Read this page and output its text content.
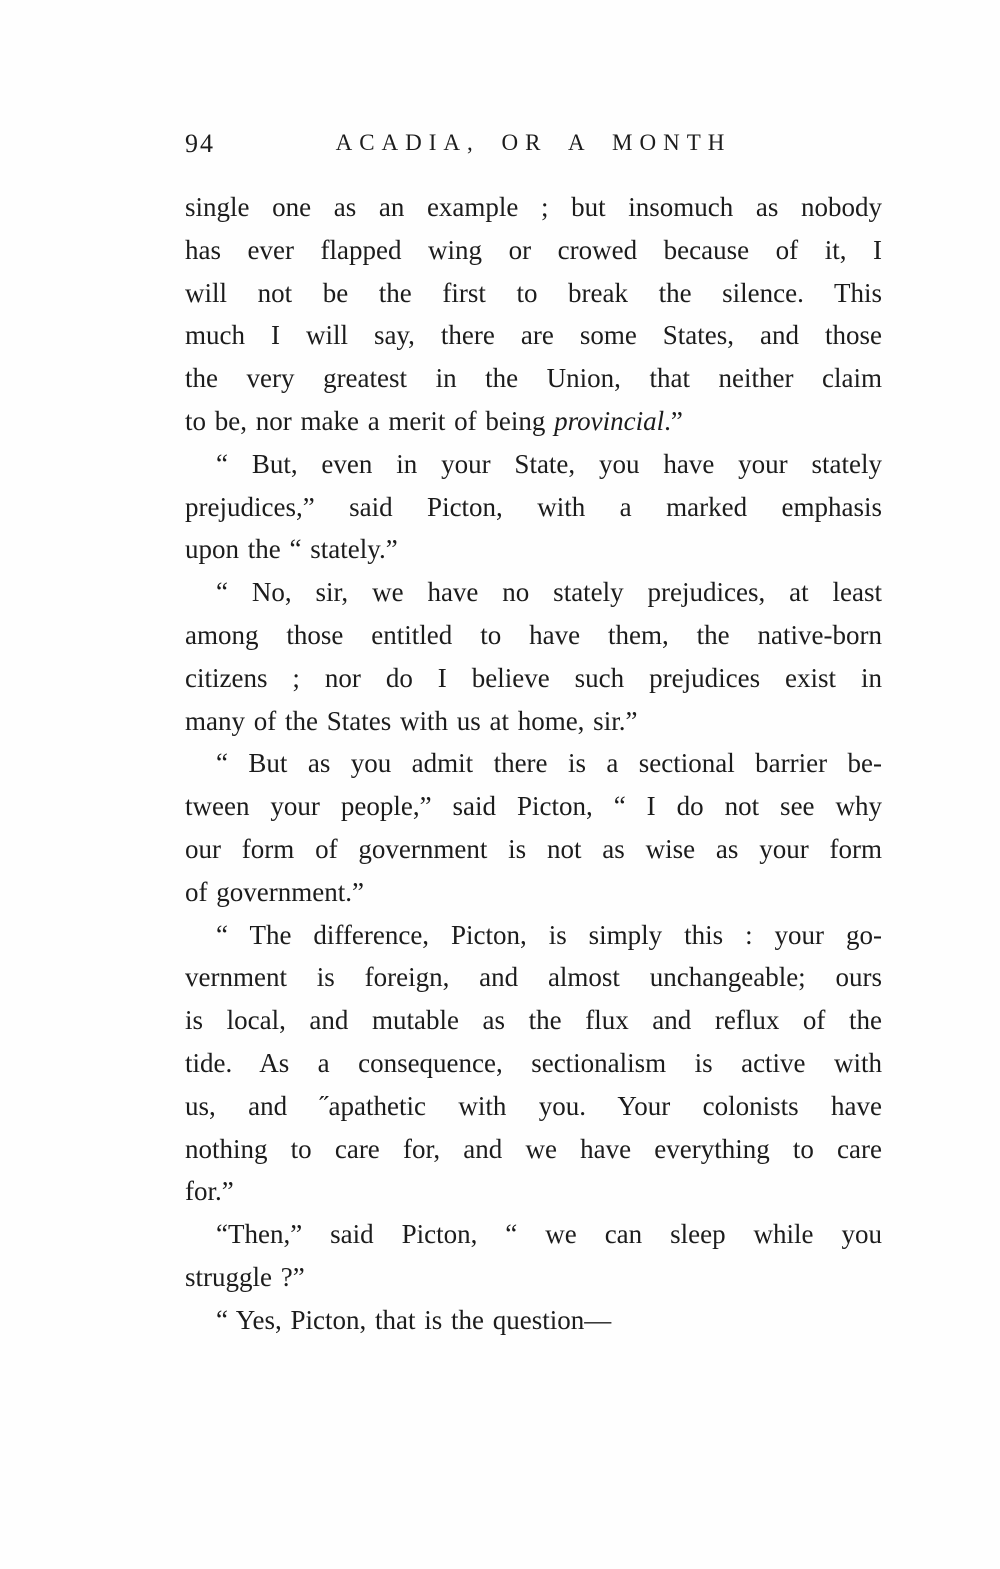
94	ACADIA, OR A MONTH
single one as an example ; but insomuch as nobody
has ever flapped wing or crowed because of it, I
will not be the first to break the silence. This
much I will say, there are some States, and those
the very greatest in the Union, that neither claim
to be, nor make a merit of being provincial.”
“ But, even in your State, you have your stately
prejudices,” said Picton, with a marked emphasis
upon the “ stately.”
“ No, sir, we have no stately prejudices, at least
among those entitled to have them, the native-born
citizens ; nor do I believe such prejudices exist in
many of the States with us at home, sir.”
“ But as you admit there is a sectional barrier be-
tween your people,” said Picton, “ I do not see why
our form of government is not as wise as your form
of government.”
“ The difference, Picton, is simply this : your go-
vernment is foreign, and almost unchangeable; ours
is local, and mutable as the flux and reflux of the
tide. As a consequence, sectionalism is active with
us, and ˝apathetic with you. Your colonists have
nothing to care for, and we have everything to care
for.”
“Then,” said Picton, “ we can sleep while you
struggle ?”
“ Yes, Picton, that is the question—
